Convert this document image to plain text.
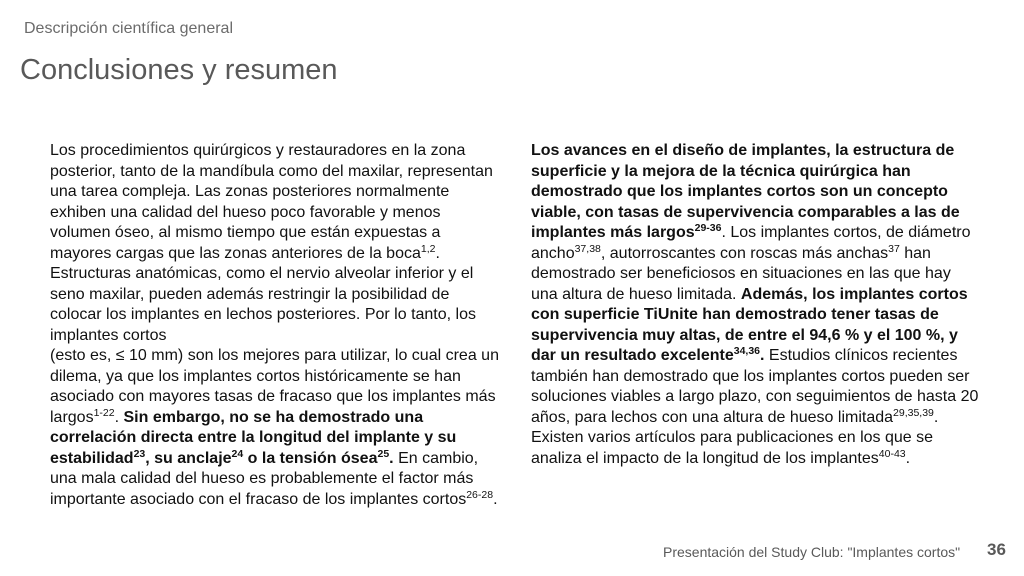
Descripción científica general
Conclusiones y resumen
Los procedimientos quirúrgicos y restauradores en la zona posterior, tanto de la mandíbula como del maxilar, representan una tarea compleja. Las zonas posteriores normalmente exhiben una calidad del hueso poco favorable y menos volumen óseo, al mismo tiempo que están expuestas a mayores cargas que las zonas anteriores de la boca$^{1,2}$. Estructuras anatómicas, como el nervio alveolar inferior y el seno maxilar, pueden además restringir la posibilidad de colocar los implantes en lechos posteriores. Por lo tanto, los implantes cortos
(esto es, ≤ 10 mm) son los mejores para utilizar, lo cual crea un dilema, ya que los implantes cortos históricamente se han asociado con mayores tasas de fracaso que los implantes más largos$^{1-22}$. Sin embargo, no se ha demostrado una correlación directa entre la longitud del implante y su estabilidad$^{23}$, su anclaje$^{24}$ o la tensión ósea$^{25}$. En cambio, una mala calidad del hueso es probablemente el factor más importante asociado con el fracaso de los implantes cortos$^{26-28}$.
Los avances en el diseño de implantes, la estructura de superficie y la mejora de la técnica quirúrgica han demostrado que los implantes cortos son un concepto viable, con tasas de supervivencia comparables a las de implantes más largos$^{29-36}$. Los implantes cortos, de diámetro ancho$^{37,38}$, autorroscantes con roscas más anchas$^{37}$ han demostrado ser beneficiosos en situaciones en las que hay una altura de hueso limitada. Además, los implantes cortos con superficie TiUnite han demostrado tener tasas de supervivencia muy altas, de entre el 94,6 % y el 100 %, y dar un resultado excelente$^{34,36}$. Estudios clínicos recientes también han demostrado que los implantes cortos pueden ser soluciones viables a largo plazo, con seguimientos de hasta 20 años, para lechos con una altura de hueso limitada$^{29,35,39}$. Existen varios artículos para publicaciones en los que se analiza el impacto de la longitud de los implantes$^{40-43}$.
Presentación del Study Club: "Implantes cortos" 36
